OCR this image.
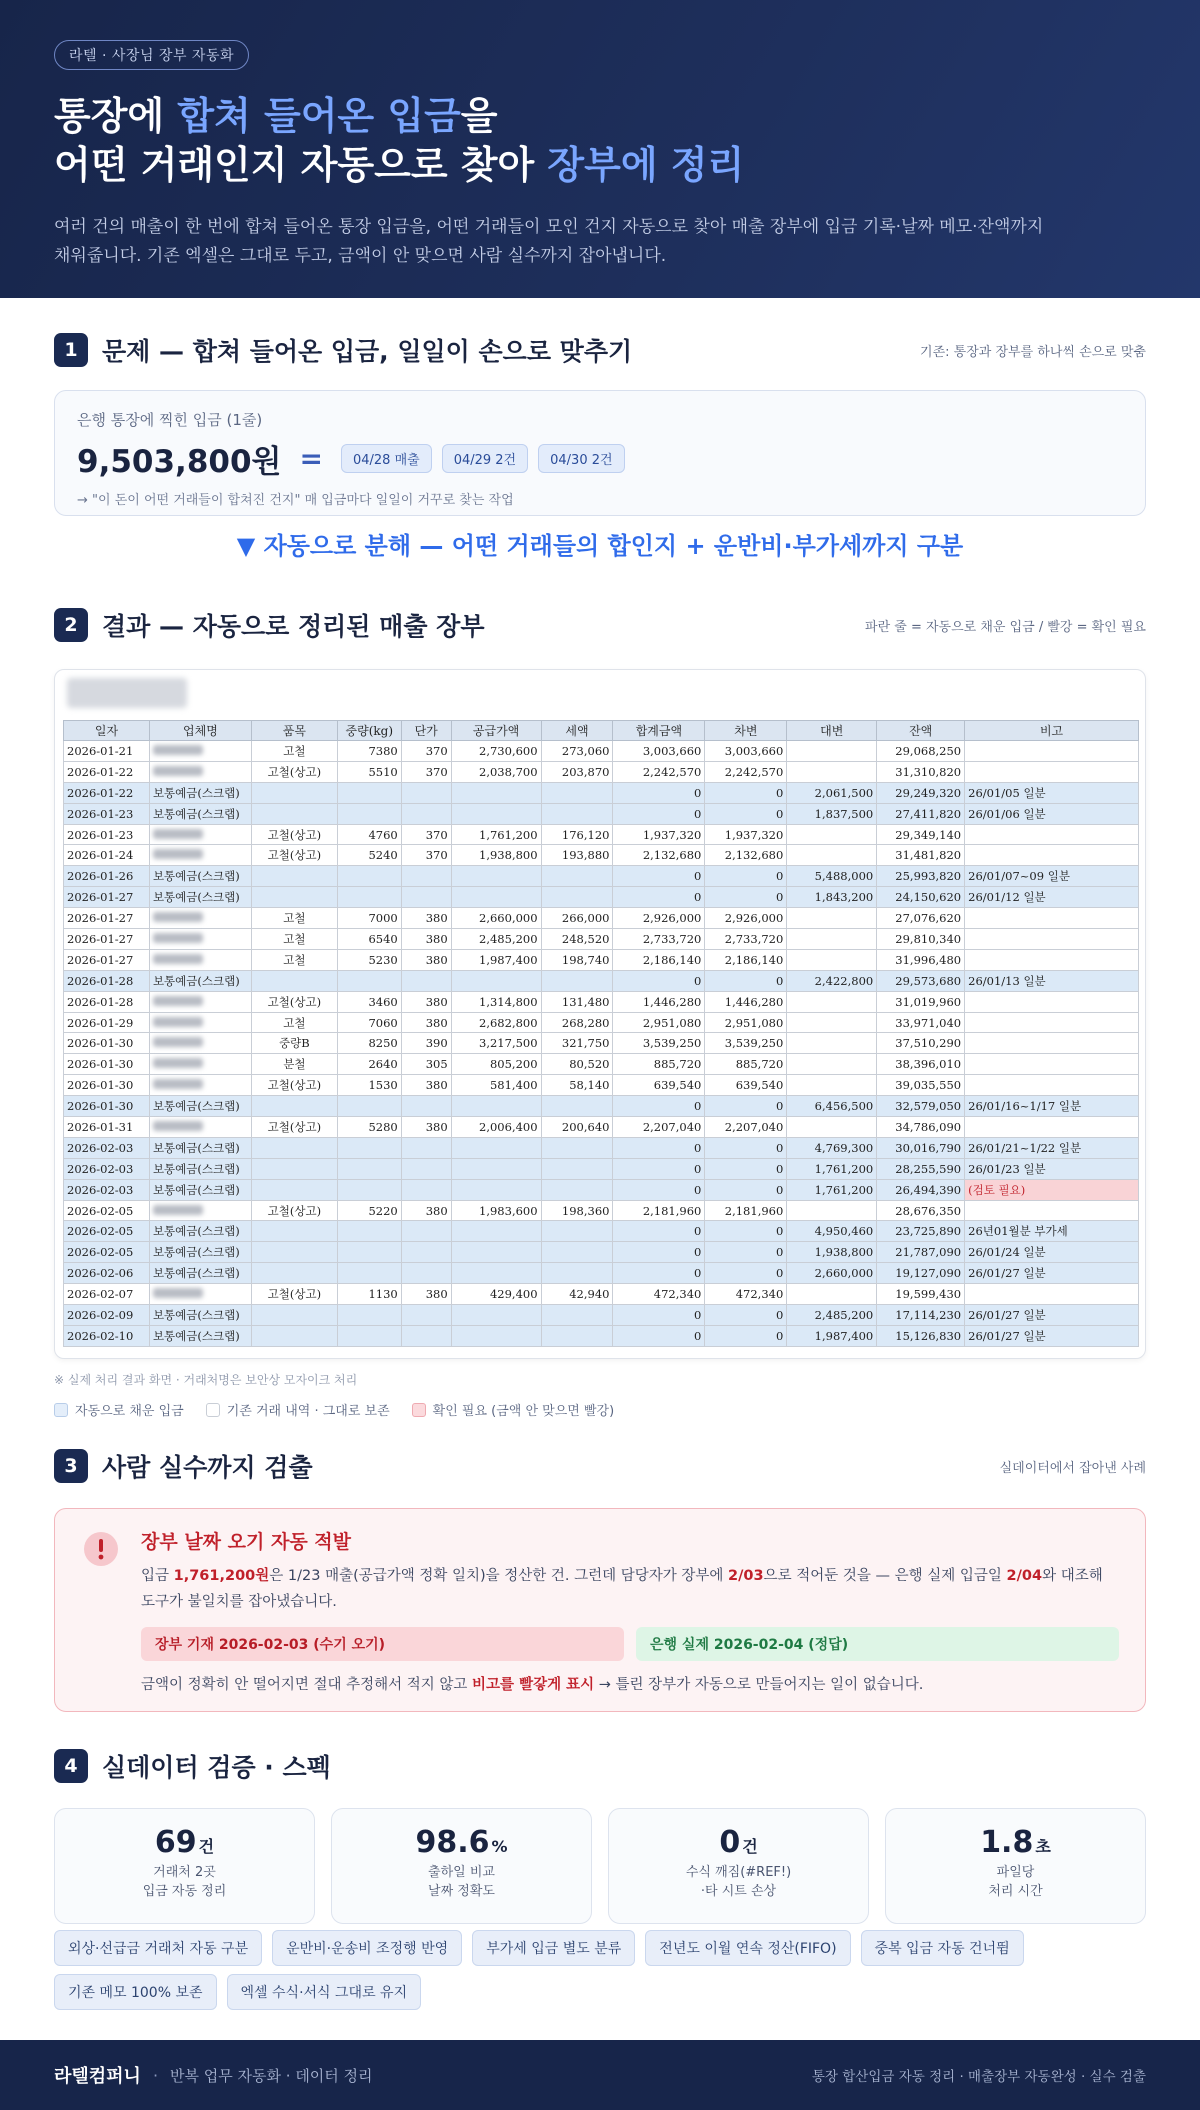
라텔 · 사장님 장부 자동화
통장에 합쳐 들어온 입금을
어떤 거래인지 자동으로 찾아 장부에 정리
여러 건의 매출이 한 번에 합쳐 들어온 통장 입금을, 어떤 거래들이 모인 건지 자동으로 찾아 매출 장부에 입금 기록·날짜 메모·잔액까지 채워줍니다. 기존 엑셀은 그대로 두고, 금액이 안 맞으면 사람 실수까지 잡아냅니다.
1 문제 — 합쳐 들어온 입금, 일일이 손으로 맞추기	기존: 통장과 장부를 하나씩 손으로 맞춤
은행 통장에 찍힌 입금 (1줄)
9,503,800원 =	04/28 매출	04/29 2건	04/30 2건
→ "이 돈이 어떤 거래들이 합쳐진 건지" 매 입금마다 일일이 거꾸로 찾는 작업
▼ 자동으로 분해 — 어떤 거래들의 합인지 + 운반비·부가세까지 구분
2 결과 — 자동으로 정리된 매출 장부	파란 줄 = 자동으로 채운 입금 / 빨강 = 확인 필요
일자	업체명	품목	중량(kg)	단가	공급가액	세액	합계금액	차변	대변	잔액	비고
2026-01-21		고철	7380	370	2,730,600	273,060	3,003,660	3,003,660		29,068,250	
2026-01-22		고철(상고)	5510	370	2,038,700	203,870	2,242,570	2,242,570		31,310,820	
2026-01-22	보통예금(스크랩)						0	0	2,061,500	29,249,320	26/01/05 일분
2026-01-23	보통예금(스크랩)						0	0	1,837,500	27,411,820	26/01/06 일분
2026-01-23		고철(상고)	4760	370	1,761,200	176,120	1,937,320	1,937,320		29,349,140	
2026-01-24		고철(상고)	5240	370	1,938,800	193,880	2,132,680	2,132,680		31,481,820	
2026-01-26	보통예금(스크랩)						0	0	5,488,000	25,993,820	26/01/07~09 일분
2026-01-27	보통예금(스크랩)						0	0	1,843,200	24,150,620	26/01/12 일분
2026-01-27		고철	7000	380	2,660,000	266,000	2,926,000	2,926,000		27,076,620	
2026-01-27		고철	6540	380	2,485,200	248,520	2,733,720	2,733,720		29,810,340	
2026-01-27		고철	5230	380	1,987,400	198,740	2,186,140	2,186,140		31,996,480	
2026-01-28	보통예금(스크랩)						0	0	2,422,800	29,573,680	26/01/13 일분
2026-01-28		고철(상고)	3460	380	1,314,800	131,480	1,446,280	1,446,280		31,019,960	
2026-01-29		고철	7060	380	2,682,800	268,280	2,951,080	2,951,080		33,971,040	
2026-01-30		중량B	8250	390	3,217,500	321,750	3,539,250	3,539,250		37,510,290	
2026-01-30		분철	2640	305	805,200	80,520	885,720	885,720		38,396,010	
2026-01-30		고철(상고)	1530	380	581,400	58,140	639,540	639,540		39,035,550	
2026-01-30	보통예금(스크랩)						0	0	6,456,500	32,579,050	26/01/16~1/17 일분
2026-01-31		고철(상고)	5280	380	2,006,400	200,640	2,207,040	2,207,040		34,786,090	
2026-02-03	보통예금(스크랩)						0	0	4,769,300	30,016,790	26/01/21~1/22 일분
2026-02-03	보통예금(스크랩)						0	0	1,761,200	28,255,590	26/01/23 일분
2026-02-03	보통예금(스크랩)						0	0	1,761,200	26,494,390	(검토 필요)
2026-02-05		고철(상고)	5220	380	1,983,600	198,360	2,181,960	2,181,960		28,676,350	
2026-02-05	보통예금(스크랩)						0	0	4,950,460	23,725,890	26년01월분 부가세
2026-02-05	보통예금(스크랩)						0	0	1,938,800	21,787,090	26/01/24 일분
2026-02-06	보통예금(스크랩)						0	0	2,660,000	19,127,090	26/01/27 일분
2026-02-07		고철(상고)	1130	380	429,400	42,940	472,340	472,340		19,599,430	
2026-02-09	보통예금(스크랩)						0	0	2,485,200	17,114,230	26/01/27 일분
2026-02-10	보통예금(스크랩)						0	0	1,987,400	15,126,830	26/01/27 일분
※ 실제 처리 결과 화면 · 거래처명은 보안상 모자이크 처리
자동으로 채운 입금	기존 거래 내역 · 그대로 보존	확인 필요 (금액 안 맞으면 빨강)
3 사람 실수까지 검출	실데이터에서 잡아낸 사례
장부 날짜 오기 자동 적발
입금 1,761,200원은 1/23 매출(공급가액 정확 일치)을 정산한 건. 그런데 담당자가 장부에 2/03으로 적어둔 것을 — 은행 실제 입금일 2/04와 대조해 도구가 불일치를 잡아냈습니다.
장부 기재 2026-02-03 (수기 오기)	은행 실제 2026-02-04 (정답)
금액이 정확히 안 떨어지면 절대 추정해서 적지 않고 비고를 빨갛게 표시 → 틀린 장부가 자동으로 만들어지는 일이 없습니다.
4 실데이터 검증 · 스펙
69 건
거래처 2곳
입금 자동 정리
98.6 %
출하일 비교
날짜 정확도
0 건
수식 깨짐(#REF!)
·타 시트 손상
1.8 초
파일당
처리 시간
외상·선급금 거래처 자동 구분	운반비·운송비 조정행 반영	부가세 입금 별도 분류	전년도 이월 연속 정산(FIFO)	중복 입금 자동 건너뜀
기존 메모 100% 보존	엑셀 수식·서식 그대로 유지
라텔컴퍼니 · 반복 업무 자동화 · 데이터 정리	통장 합산입금 자동 정리 · 매출장부 자동완성 · 실수 검출
